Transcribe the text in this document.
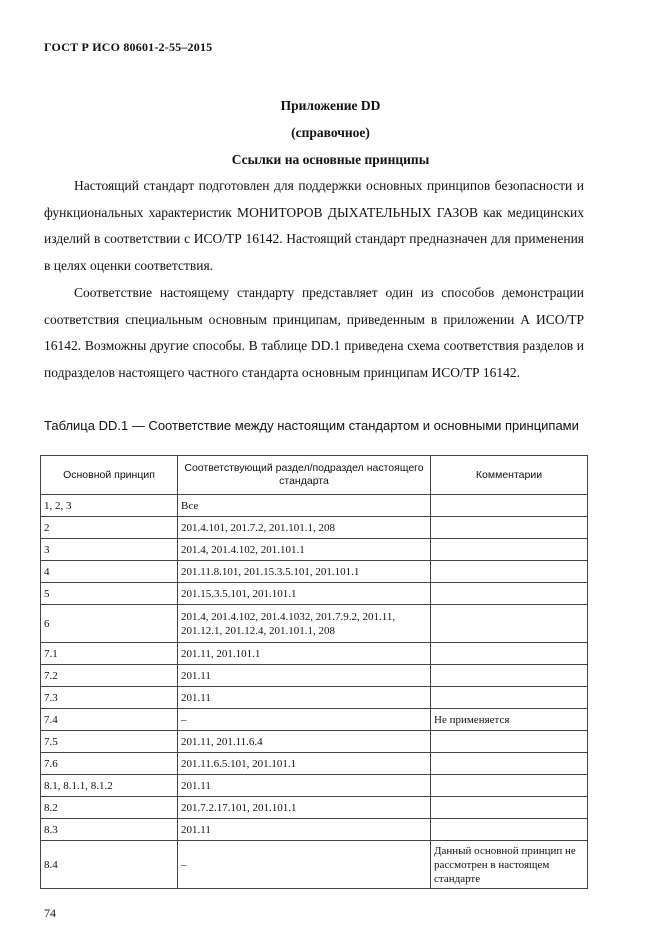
ГОСТ Р ИСО 80601-2-55–2015
Приложение DD
(справочное)
Ссылки на основные принципы
Настоящий стандарт подготовлен для поддержки основных принципов безопасности и функциональных характеристик МОНИТОРОВ ДЫХАТЕЛЬНЫХ ГАЗОВ как медицинских изделий в соответствии с ИСО/ТР 16142. Настоящий стандарт предназначен для применения в целях оценки соответствия.
Соответствие настоящему стандарту представляет один из способов демонстрации соответствия специальным основным принципам, приведенным в приложении А ИСО/ТР 16142. Возможны другие способы. В таблице DD.1 приведена схема соответствия разделов и подразделов настоящего частного стандарта основным принципам ИСО/ТР 16142.
Таблица DD.1 — Соответствие между настоящим стандартом и основными принципами
Основной принцип	Соответствующий раздел/подраздел настоящего стандарта	Комментарии
1, 2, 3	Все	
2	201.4.101, 201.7.2, 201.101.1, 208	
3	201.4, 201.4.102, 201.101.1	
4	201.11.8.101, 201.15.3.5.101, 201.101.1	
5	201.15.3.5.101, 201.101.1	
6	201.4, 201.4.102, 201.4.1032, 201.7.9.2, 201.11, 201.12.1, 201.12.4, 201.101.1, 208	
7.1	201.11, 201.101.1	
7.2	201.11	
7.3	201.11	
7.4	–	Не применяется
7.5	201.11, 201.11.6.4	
7.6	201.11.6.5.101, 201.101.1	
8.1, 8.1.1, 8.1.2	201.11	
8.2	201.7.2.17.101, 201.101.1	
8.3	201.11	
8.4	–	Данный основной принцип не рассмотрен в настоящем стандарте
74
